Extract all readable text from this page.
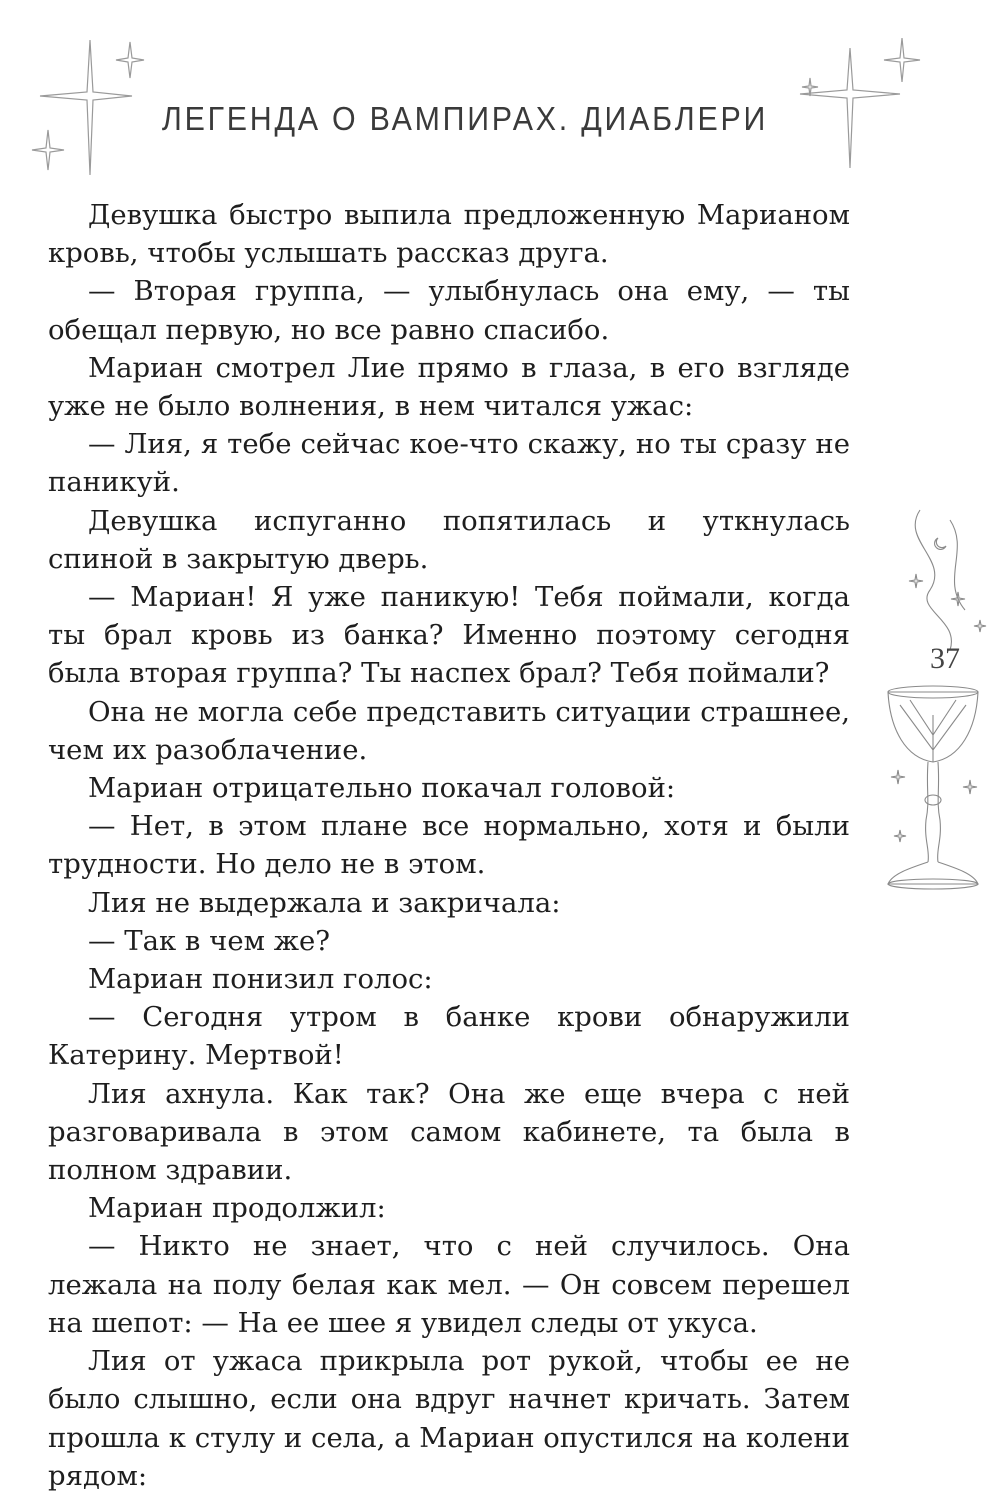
ЛЕГЕНДА О ВАМПИРАХ. ДИАБЛЕРИ

Девушка быстро выпила предложенную Марианом кровь, чтобы услышать рассказ друга.

— Вторая группа, — улыбнулась она ему, — ты обещал первую, но все равно спасибо.

Мариан смотрел Лие прямо в глаза, в его взгляде уже не было волнения, в нем читался ужас:

— Лия, я тебе сейчас кое-что скажу, но ты сразу не паникуй.

Девушка испуганно попятилась и уткнулась спиной в закрытую дверь.

— Мариан! Я уже паникую! Тебя поймали, когда ты брал кровь из банка? Именно поэтому сегодня была вторая группа? Ты наспех брал? Тебя поймали?

Она не могла себе представить ситуации страшнее, чем их разоблачение.

Мариан отрицательно покачал головой:

— Нет, в этом плане все нормально, хотя и были трудности. Но дело не в этом.

Лия не выдержала и закричала:

— Так в чем же?

Мариан понизил голос:

— Сегодня утром в банке крови обнаружили Катерину. Мертвой!

Лия ахнула. Как так? Она же еще вчера с ней разговаривала в этом самом кабинете, та была в полном здравии.

Мариан продолжил:

— Никто не знает, что с ней случилось. Она лежала на полу белая как мел. — Он совсем перешел на шепот: — На ее шее я увидел следы от укуса.

Лия от ужаса прикрыла рот рукой, чтобы ее не было слышно, если она вдруг начнет кричать. Затем прошла к стулу и села, а Мариан опустился на колени рядом:

37
